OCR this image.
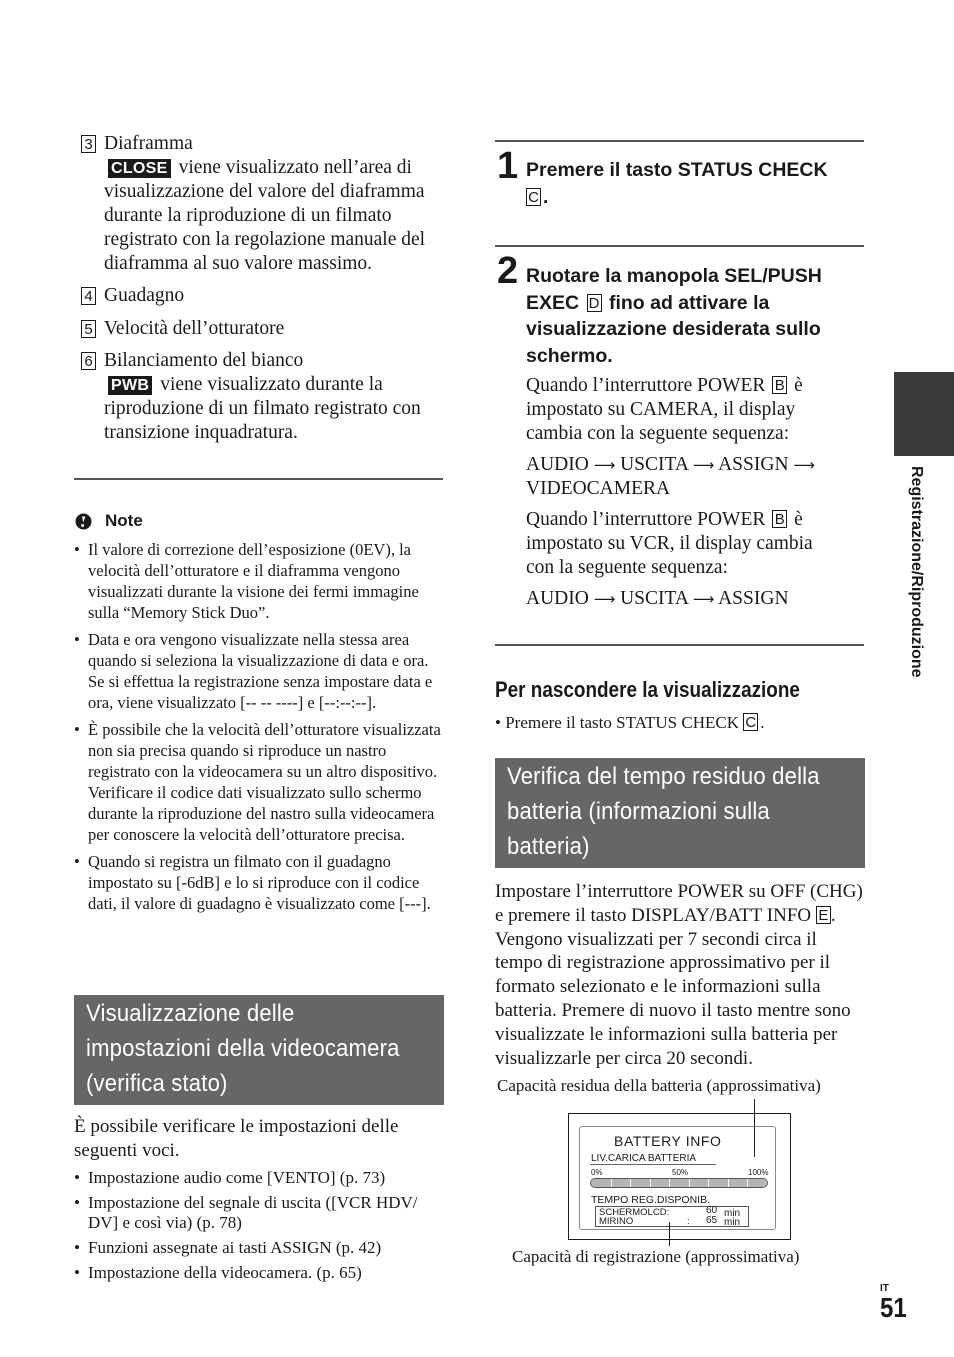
3 Diaframma
CLOSE viene visualizzato nell’area di visualizzazione del valore del diaframma durante la riproduzione di un filmato registrato con la regolazione manuale del diaframma al suo valore massimo.
4 Guadagno
5 Velocità dell’otturatore
6 Bilanciamento del bianco
PWB viene visualizzato durante la riproduzione di un filmato registrato con transizione inquadratura.
Note
• Il valore di correzione dell’esposizione (0EV), la velocità dell’otturatore e il diaframma vengono visualizzati durante la visione dei fermi immagine sulla “Memory Stick Duo”.
• Data e ora vengono visualizzate nella stessa area quando si seleziona la visualizzazione di data e ora. Se si effettua la registrazione senza impostare data e ora, viene visualizzato [-- -- ----] e [--:--:--].
• È possibile che la velocità dell’otturatore visualizzata non sia precisa quando si riproduce un nastro registrato con la videocamera su un altro dispositivo. Verificare il codice dati visualizzato sullo schermo durante la riproduzione del nastro sulla videocamera per conoscere la velocità dell’otturatore precisa.
• Quando si registra un filmato con il guadagno impostato su [-6dB] e lo si riproduce con il codice dati, il valore di guadagno è visualizzato come [---].
Visualizzazione delle
impostazioni della videocamera
(verifica stato)
È possibile verificare le impostazioni delle seguenti voci.
• Impostazione audio come [VENTO] (p. 73)
• Impostazione del segnale di uscita ([VCR HDV/ DV] e così via) (p. 78)
• Funzioni assegnate ai tasti ASSIGN (p. 42)
• Impostazione della videocamera. (p. 65)
1 Premere il tasto STATUS CHECK
C .
2 Ruotare la manopola SEL/PUSH
EXEC D fino ad attivare la
visualizzazione desiderata sullo
schermo.
Quando l’interruttore POWER B è
impostato su CAMERA, il display
cambia con la seguente sequenza:
AUDIO ⟶ USCITA ⟶ ASSIGN ⟶
VIDEOCAMERA
Quando l’interruttore POWER B è
impostato su VCR, il display cambia
con la seguente sequenza:
AUDIO ⟶ USCITA ⟶ ASSIGN
Per nascondere la visualizzazione
• Premere il tasto STATUS CHECK C .
Verifica del tempo residuo della
batteria (informazioni sulla
batteria)
Impostare l’interruttore POWER su OFF (CHG) e premere il tasto DISPLAY/BATT INFO E . Vengono visualizzati per 7 secondi circa il tempo di registrazione approssimativo per il formato selezionato e le informazioni sulla batteria. Premere di nuovo il tasto mentre sono visualizzate le informazioni sulla batteria per visualizzarle per circa 20 secondi.
Capacità residua della batteria (approssimativa)
BATTERY INFO
LIV.CARICA BATTERIA
0%	50%	100%
TEMPO REG.DISPONIB.
SCHERMOLCD:	60 min
MIRINO	: 65 min
Capacità di registrazione (approssimativa)
Registrazione/Riproduzione
IT
51
